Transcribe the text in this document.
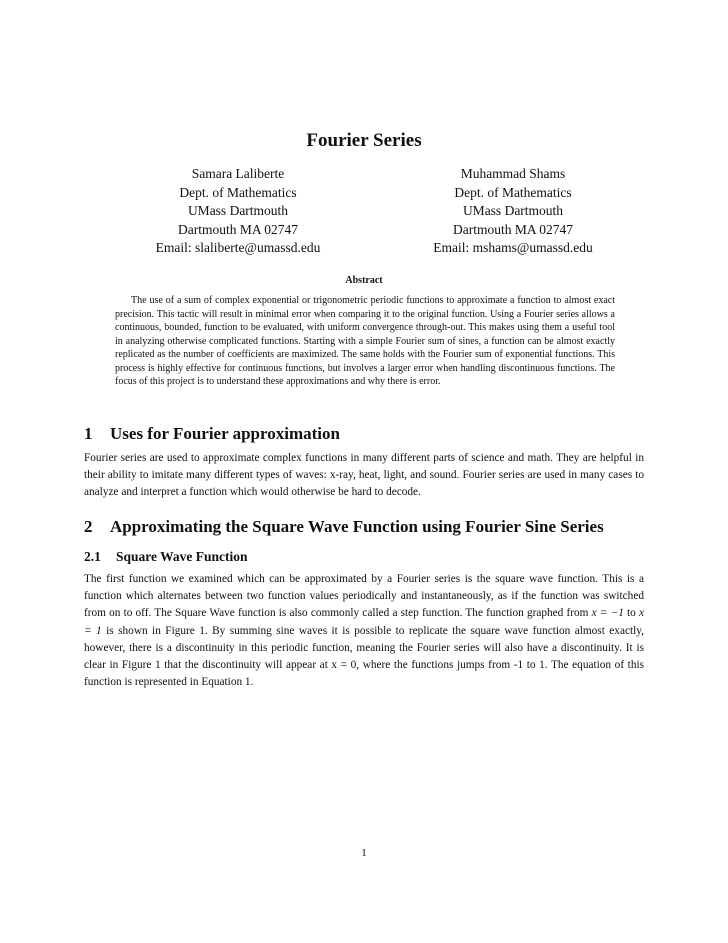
Fourier Series
Samara Laliberte
Dept. of Mathematics
UMass Dartmouth
Dartmouth MA 02747
Email: slaliberte@umassd.edu
Muhammad Shams
Dept. of Mathematics
UMass Dartmouth
Dartmouth MA 02747
Email: mshams@umassd.edu
Abstract

The use of a sum of complex exponential or trigonometric periodic functions to approximate a function to almost exact precision. This tactic will result in minimal error when comparing it to the original function. Using a Fourier series allows a continuous, bounded, function to be evaluated, with uniform convergence through-out. This makes using them a useful tool in analyzing otherwise complicated functions. Starting with a simple Fourier sum of sines, a function can be almost exactly replicated as the number of coefficients are maximized. The same holds with the Fourier sum of exponential functions. This process is highly effective for continuous functions, but involves a larger error when handling discontinuous functions. The focus of this project is to understand these approximations and why there is error.

1 Uses for Fourier approximation

Fourier series are used to approximate complex functions in many different parts of science and math. They are helpful in their ability to imitate many different types of waves: x-ray, heat, light, and sound. Fourier series are used in many cases to analyze and interpret a function which would otherwise be hard to decode.

2 Approximating the Square Wave Function using Fourier Sine Series
2.1 Square Wave Function

The first function we examined which can be approximated by a Fourier series is the square wave function. This is a function which alternates between two function values periodically and instantaneously, as if the function was switched from on to off. The Square Wave function is also commonly called a step function. The function graphed from x = −1 to x = 1 is shown in Figure 1. By summing sine waves it is possible to replicate the square wave function almost exactly, however, there is a discontinuity in this periodic function, meaning the Fourier series will also have a discontinuity. It is clear in Figure 1 that the discontinuity will appear at x = 0, where the functions jumps from -1 to 1. The equation of this function is represented in Equation 1.

1
